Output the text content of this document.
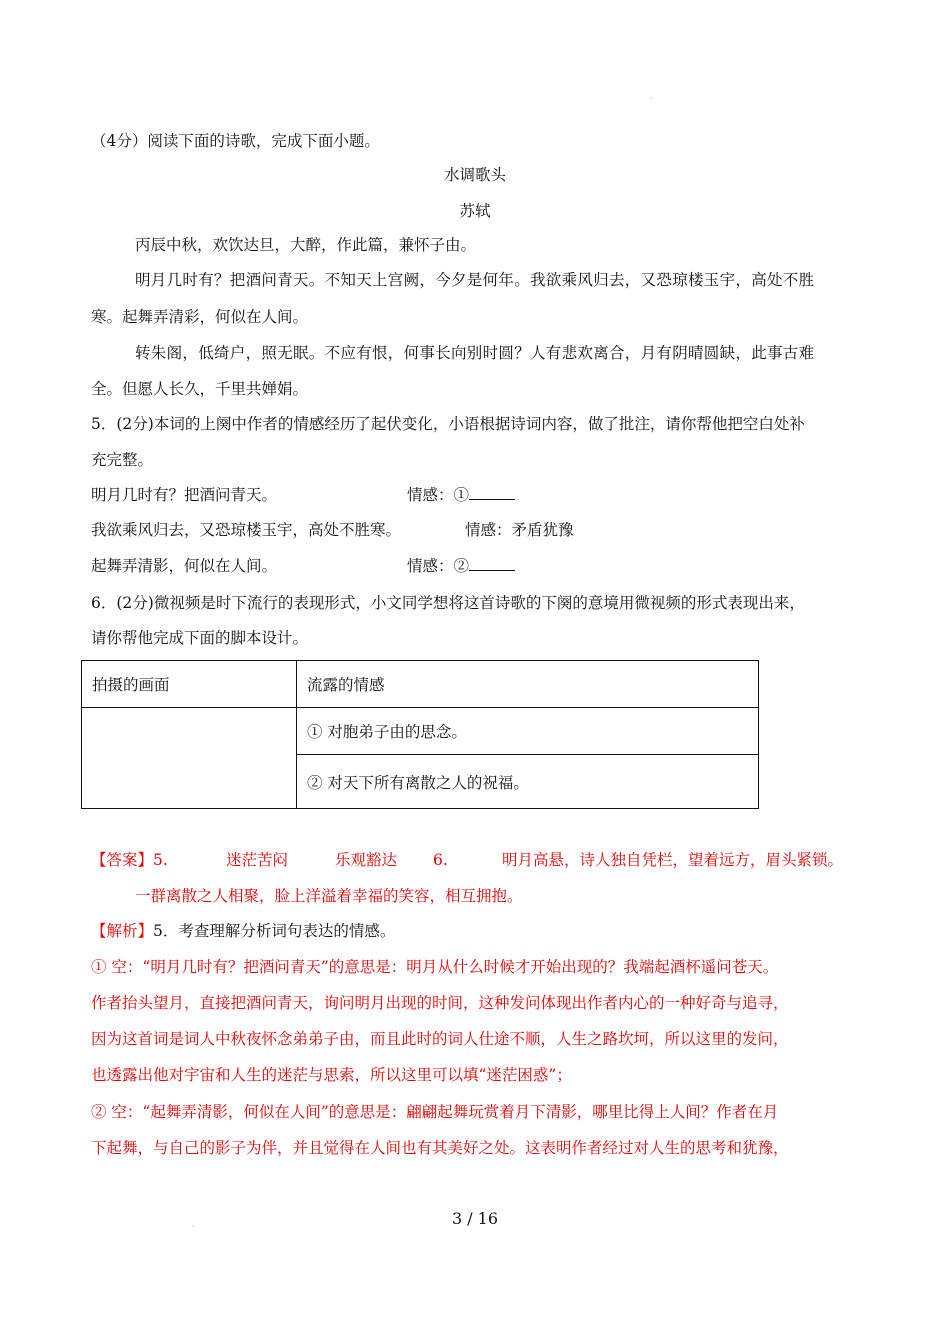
·
（4分）阅读下面的诗歌，完成下面小题。
水调歌头
苏轼
丙辰中秋，欢饮达旦，大醉，作此篇，兼怀子由。
明月几时有？把酒问青天。不知天上宫阙，今夕是何年。我欲乘风归去，又恐琼楼玉宇，高处不胜
寒。起舞弄清彩，何似在人间。
转朱阁，低绮户，照无眠。不应有恨，何事长向别时圆？人有悲欢离合，月有阴晴圆缺，此事古难
全。但愿人长久，千里共婵娟。
5．(2分)本词的上阕中作者的情感经历了起伏变化，小语根据诗词内容，做了批注，请你帮他把空白处补
充完整。
明月几时有？把酒问青天。	情感：①
我欲乘风归去，又恐琼楼玉宇，高处不胜寒。	情感：矛盾犹豫
起舞弄清影，何似在人间。	情感：②
6．(2分)微视频是时下流行的表现形式，小文同学想将这首诗歌的下阕的意境用微视频的形式表现出来，
请你帮他完成下面的脚本设计。
拍摄的画面	流露的情感
	① 对胞弟子由的思念。
	② 对天下所有离散之人的祝福。
【答案】5.	迷茫苦闷	乐观豁达 6.	明月高悬，诗人独自凭栏，望着远方，眉头紧锁。
一群离散之人相聚，脸上洋溢着幸福的笑容，相互拥抱。
【解析】5．考查理解分析词句表达的情感。
① 空：“明月几时有？把酒问青天”的意思是：明月从什么时候才开始出现的？我端起酒杯遥问苍天。
作者抬头望月，直接把酒问青天，询问明月出现的时间，这种发问体现出作者内心的一种好奇与追寻，
因为这首词是词人中秋夜怀念弟弟子由，而且此时的词人仕途不顺，人生之路坎坷，所以这里的发问，
也透露出他对宇宙和人生的迷茫与思索，所以这里可以填“迷茫困惑”；
② 空：“起舞弄清影，何似在人间”的意思是：翩翩起舞玩赏着月下清影，哪里比得上人间？作者在月
下起舞，与自己的影子为伴，并且觉得在人间也有其美好之处。这表明作者经过对人生的思考和犹豫，
·	3 / 16
